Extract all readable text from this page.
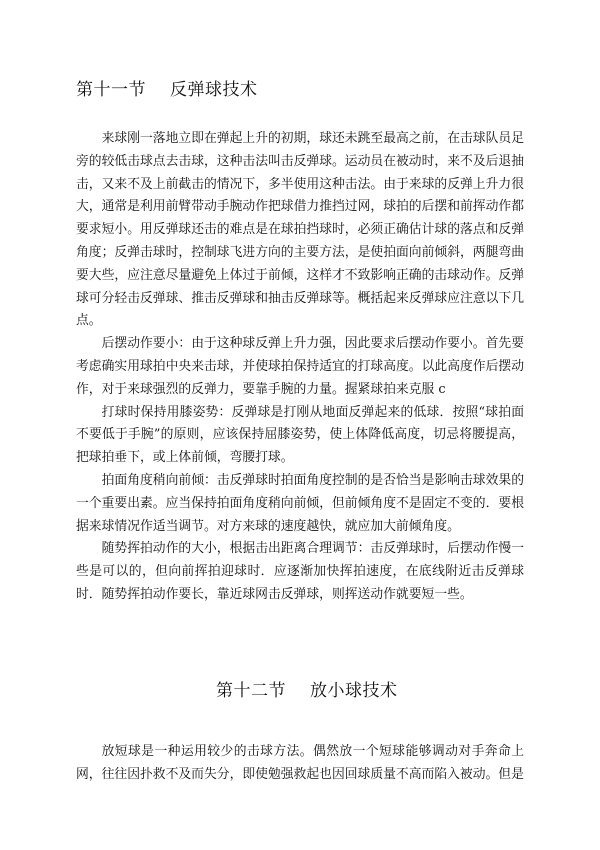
第十一节 反弹球技术

来球刚一落地立即在弹起上升的初期，球还未跳至最高之前，在击球队员足旁的较低击球点去击球，这种击法叫击反弹球。运动员在被动时，来不及后退抽击，又来不及上前截击的情况下，多半使用这种击法。由于来球的反弹上升力很大，通常是利用前臂带动手腕动作把球借力推挡过网，球拍的后摆和前挥动作都要求短小。用反弹球还击的难点是在球拍挡球时，必须正确估计球的落点和反弹角度；反弹击球时，控制球飞进方向的主要方法，是使拍面向前倾斜，两腿弯曲要大些，应注意尽量避免上体过于前倾，这样才不致影响正确的击球动作。反弹球可分轻击反弹球、推击反弹球和抽击反弹球等。概括起来反弹球应注意以下几点。

后摆动作要小：由于这种球反弹上升力强，因此要求后摆动作要小。首先要考虑确实用球拍中央来击球，并使球拍保持适宜的打球高度。以此高度作后摆动作，对于来球强烈的反弹力，要靠手腕的力量。握紧球拍来克服 c

打球时保持用膝姿势：反弹球是打刚从地面反弹起来的低球．按照“球拍面不要低于手腕”的原则，应该保持屈膝姿势，使上体降低高度，切忌将腰提高，把球拍垂下，或上体前倾，弯腰打球。

拍面角度稍向前倾：击反弹球时拍面角度控制的是否恰当是影响击球效果的一个重要出素。应当保持拍面角度稍向前倾，但前倾角度不是固定不变的．要根据来球情况作适当调节。对方来球的速度越快，就应加大前倾角度。

随势挥拍动作的大小，根据击出距离合理调节：击反弹球时，后摆动作慢一些是可以的，但向前挥拍迎球时．应逐渐加快挥拍速度，在底线附近击反弹球时．随势挥拍动作要长，靠近球网击反弹球，则挥送动作就要短一些。

第十二节 放小球技术

放短球是一种运用较少的击球方法。偶然放一个短球能够调动对手奔命上网，往往因扑救不及而失分，即使勉强救起也因回球质量不高而陷入被动。但是
